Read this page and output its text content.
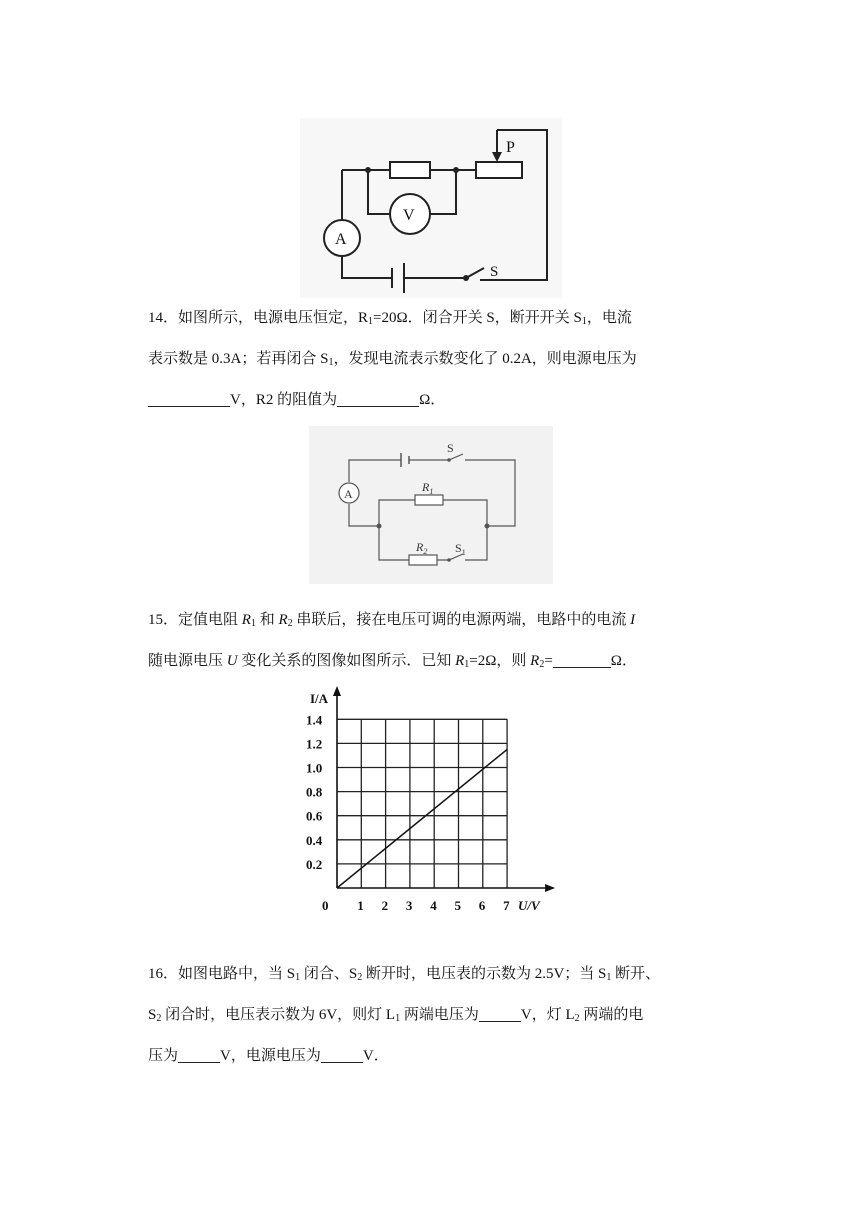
P
V
A
S

14．如图所示，电源电压恒定，$R_1=20\Omega$．闭合开关 S，断开开关 $S_1$，电流

表示数是 0.3A；若再闭合 $S_1$，发现电流表示数变化了 0.2A，则电源电压为

V，R2 的阻值为	Ω．

A
S
$R_1$
$R_2$ $S_1$

15．定值电阻 $R_1$ 和 $R_2$ 串联后，接在电压可调的电源两端，电路中的电流 I

随电源电压 U 变化关系的图像如图所示．已知 $R_1=2\Omega$，则 $R_2=$	Ω．

I/A
U/V
0 1 2 3 4 5 6 7
0.2
0.4
0.6
0.8
1.0
1.2
1.4

16．如图电路中，当 $S_1$ 闭合、$S_2$ 断开时，电压表的示数为 2.5V；当 $S_1$ 断开、

$S_2$ 闭合时，电压表示数为 6V，则灯 $L_1$ 两端电压为	V，灯 $L_2$ 两端的电

压为	V，电源电压为	V．
